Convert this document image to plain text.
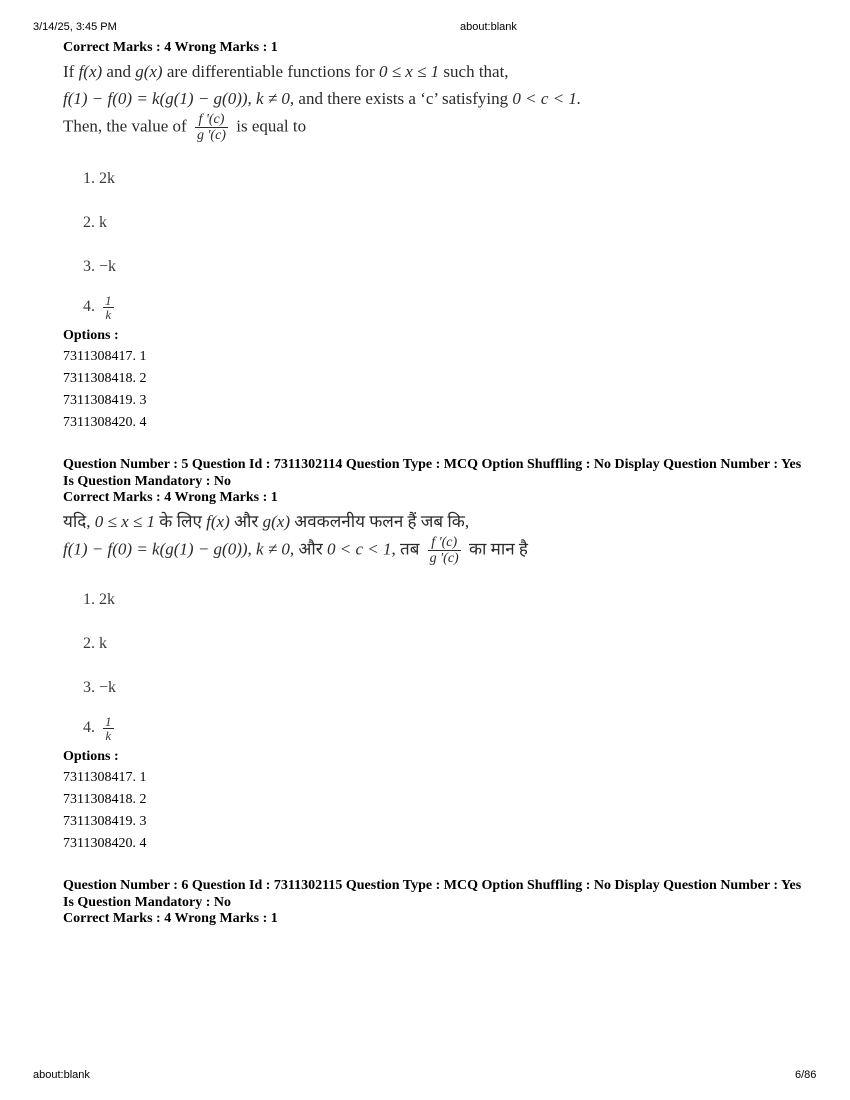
3/14/25, 3:45 PM	about:blank
Correct Marks : 4 Wrong Marks : 1
If f(x) and g(x) are differentiable functions for 0 ≤ x ≤ 1 such that,
f(1) − f(0) = k(g(1) − g(0)), k ≠ 0, and there exists a ‘c’ satisfying 0 < c < 1.
Then, the value of $\frac{f '(c)}{g '(c)}$ is equal to
1. 2k
2. k
3. −k
4. $\frac{1}{k}$
Options :
7311308417. 1
7311308418. 2
7311308419. 3
7311308420. 4
Question Number : 5 Question Id : 7311302114 Question Type : MCQ Option Shuffling : No Display Question Number : Yes Is Question Mandatory : No
Correct Marks : 4 Wrong Marks : 1
यदि, 0 ≤ x ≤ 1 के लिए f(x) और g(x) अवकलनीय फलन हैं जब कि,
f(1) − f(0) = k(g(1) − g(0)), k ≠ 0, और 0 < c < 1, तब $\frac{f '(c)}{g '(c)}$ का मान है
1. 2k
2. k
3. −k
4. $\frac{1}{k}$
Options :
7311308417. 1
7311308418. 2
7311308419. 3
7311308420. 4
Question Number : 6 Question Id : 7311302115 Question Type : MCQ Option Shuffling : No Display Question Number : Yes Is Question Mandatory : No
Correct Marks : 4 Wrong Marks : 1
about:blank	6/86
